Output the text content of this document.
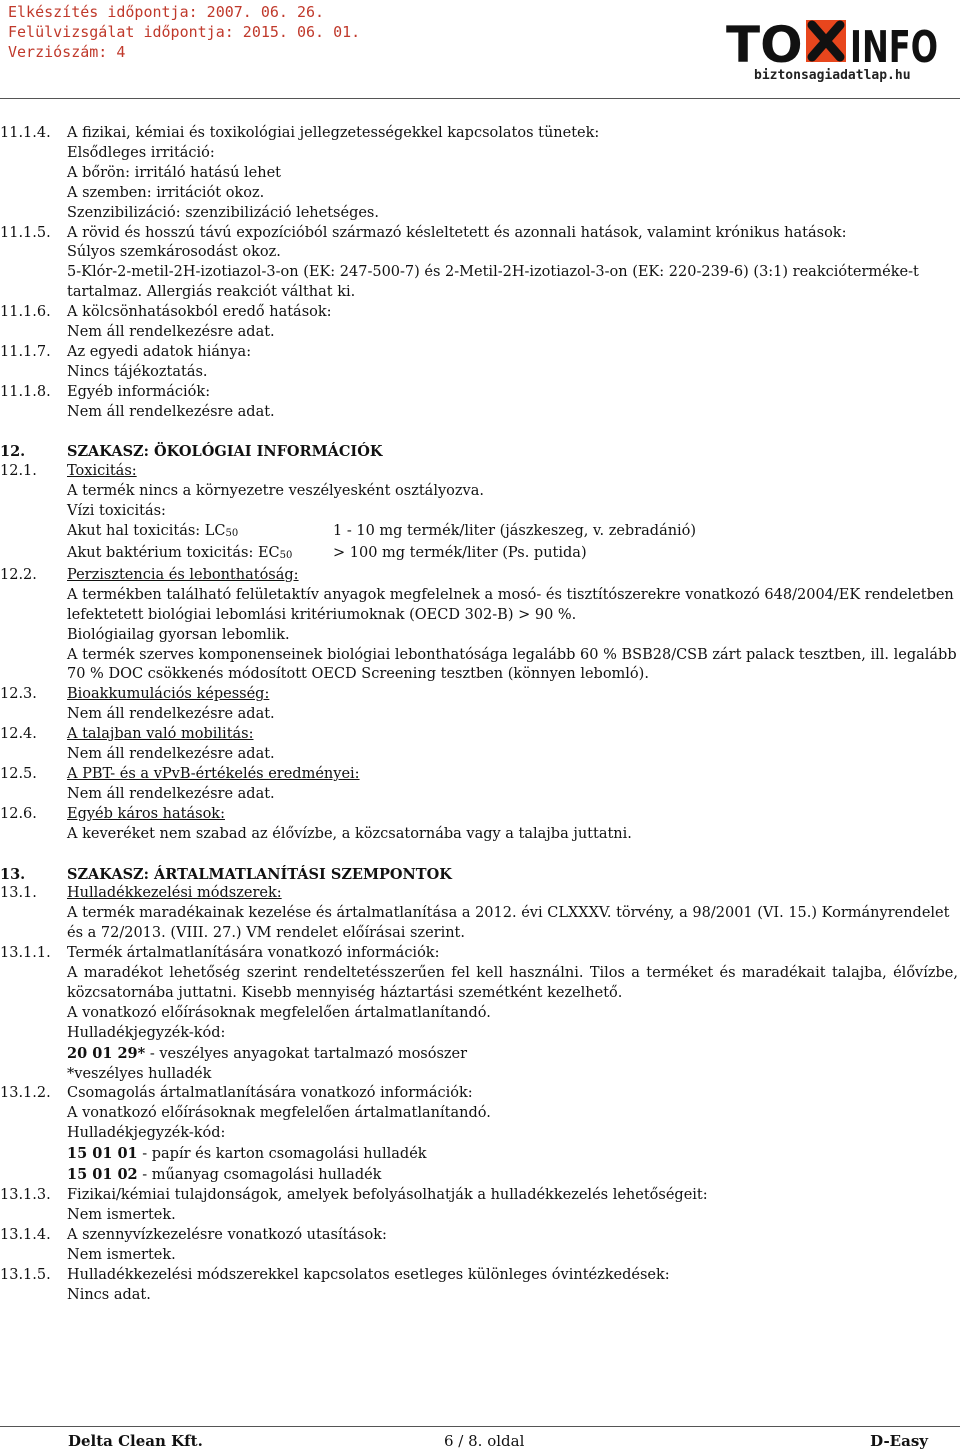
Elkészítés időpontja: 2007. 06. 26.
Felülvizsgálat időpontja: 2015. 06. 01.
Verziószám: 4	TO INFO
biztonsagiadatlap.hu
11.1.4.	A fizikai, kémiai és toxikológiai jellegzetességekkel kapcsolatos tünetek:
Elsődleges irritáció:
A bőrön: irritáló hatású lehet
A szemben: irritációt okoz.
Szenzibilizáció: szenzibilizáció lehetséges.
11.1.5.	A rövid és hosszú távú expozícióból származó késleltetett és azonnali hatások, valamint krónikus hatások:
Súlyos szemkárosodást okoz.
5-Klór-2-metil-2H-izotiazol-3-on (EK: 247-500-7) és 2-Metil-2H-izotiazol-3-on (EK: 220-239-6) (3:1) reakcióterméke-t tartalmaz. Allergiás reakciót válthat ki.
11.1.6.	A kölcsönhatásokból eredő hatások:
Nem áll rendelkezésre adat.
11.1.7.	Az egyedi adatok hiánya:
Nincs tájékoztatás.
11.1.8.	Egyéb információk:
Nem áll rendelkezésre adat.
12.	SZAKASZ: ÖKOLÓGIAI INFORMÁCIÓK
12.1.	Toxicitás:
A termék nincs a környezetre veszélyesként osztályozva.
Vízi toxicitás:
Akut hal toxicitás: $LC_{50}$	1 - 10 mg termék/liter (jászkeszeg, v. zebradánió)
Akut baktérium toxicitás: $EC_{50}$	> 100 mg termék/liter (Ps. putida)
12.2.	Perzisztencia és lebonthatóság:
A termékben található felületaktív anyagok megfelelnek a mosó- és tisztítószerekre vonatkozó 648/2004/EK rendeletben lefektetett biológiai lebomlási kritériumoknak (OECD 302-B) > 90 %.
Biológiailag gyorsan lebomlik.
A termék szerves komponenseinek biológiai lebonthatósága legalább 60 % BSB28/CSB zárt palack tesztben, ill. legalább 70 % DOC csökkenés módosított OECD Screening tesztben (könnyen lebomló).
12.3.	Bioakkumulációs képesség:
Nem áll rendelkezésre adat.
12.4.	A talajban való mobilitás:
Nem áll rendelkezésre adat.
12.5.	A PBT- és a vPvB-értékelés eredményei:
Nem áll rendelkezésre adat.
12.6.	Egyéb káros hatások:
A keveréket nem szabad az élővízbe, a közcsatornába vagy a talajba juttatni.
13.	SZAKASZ: ÁRTALMATLANÍTÁSI SZEMPONTOK
13.1.	Hulladékkezelési módszerek:
A termék maradékainak kezelése és ártalmatlanítása a 2012. évi CLXXXV. törvény, a 98/2001 (VI. 15.) Kormányrendelet és a 72/2013. (VIII. 27.) VM rendelet előírásai szerint.
13.1.1.	Termék ártalmatlanítására vonatkozó információk:
A maradékot lehetőség szerint rendeltetésszerűen fel kell használni. Tilos a terméket és maradékait talajba, élővízbe, közcsatornába juttatni. Kisebb mennyiség háztartási szemétként kezelhető.
A vonatkozó előírásoknak megfelelően ártalmatlanítandó.
Hulladékjegyzék-kód:
20 01 29* - veszélyes anyagokat tartalmazó mosószer
*veszélyes hulladék
13.1.2.	Csomagolás ártalmatlanítására vonatkozó információk:
A vonatkozó előírásoknak megfelelően ártalmatlanítandó.
Hulladékjegyzék-kód:
15 01 01 - papír és karton csomagolási hulladék
15 01 02 - műanyag csomagolási hulladék
13.1.3.	Fizikai/kémiai tulajdonságok, amelyek befolyásolhatják a hulladékkezelés lehetőségeit:
Nem ismertek.
13.1.4.	A szennyvízkezelésre vonatkozó utasítások:
Nem ismertek.
13.1.5.	Hulladékkezelési módszerekkel kapcsolatos esetleges különleges óvintézkedések:
Nincs adat.
Delta Clean Kft.	6 / 8. oldal	D-Easy
